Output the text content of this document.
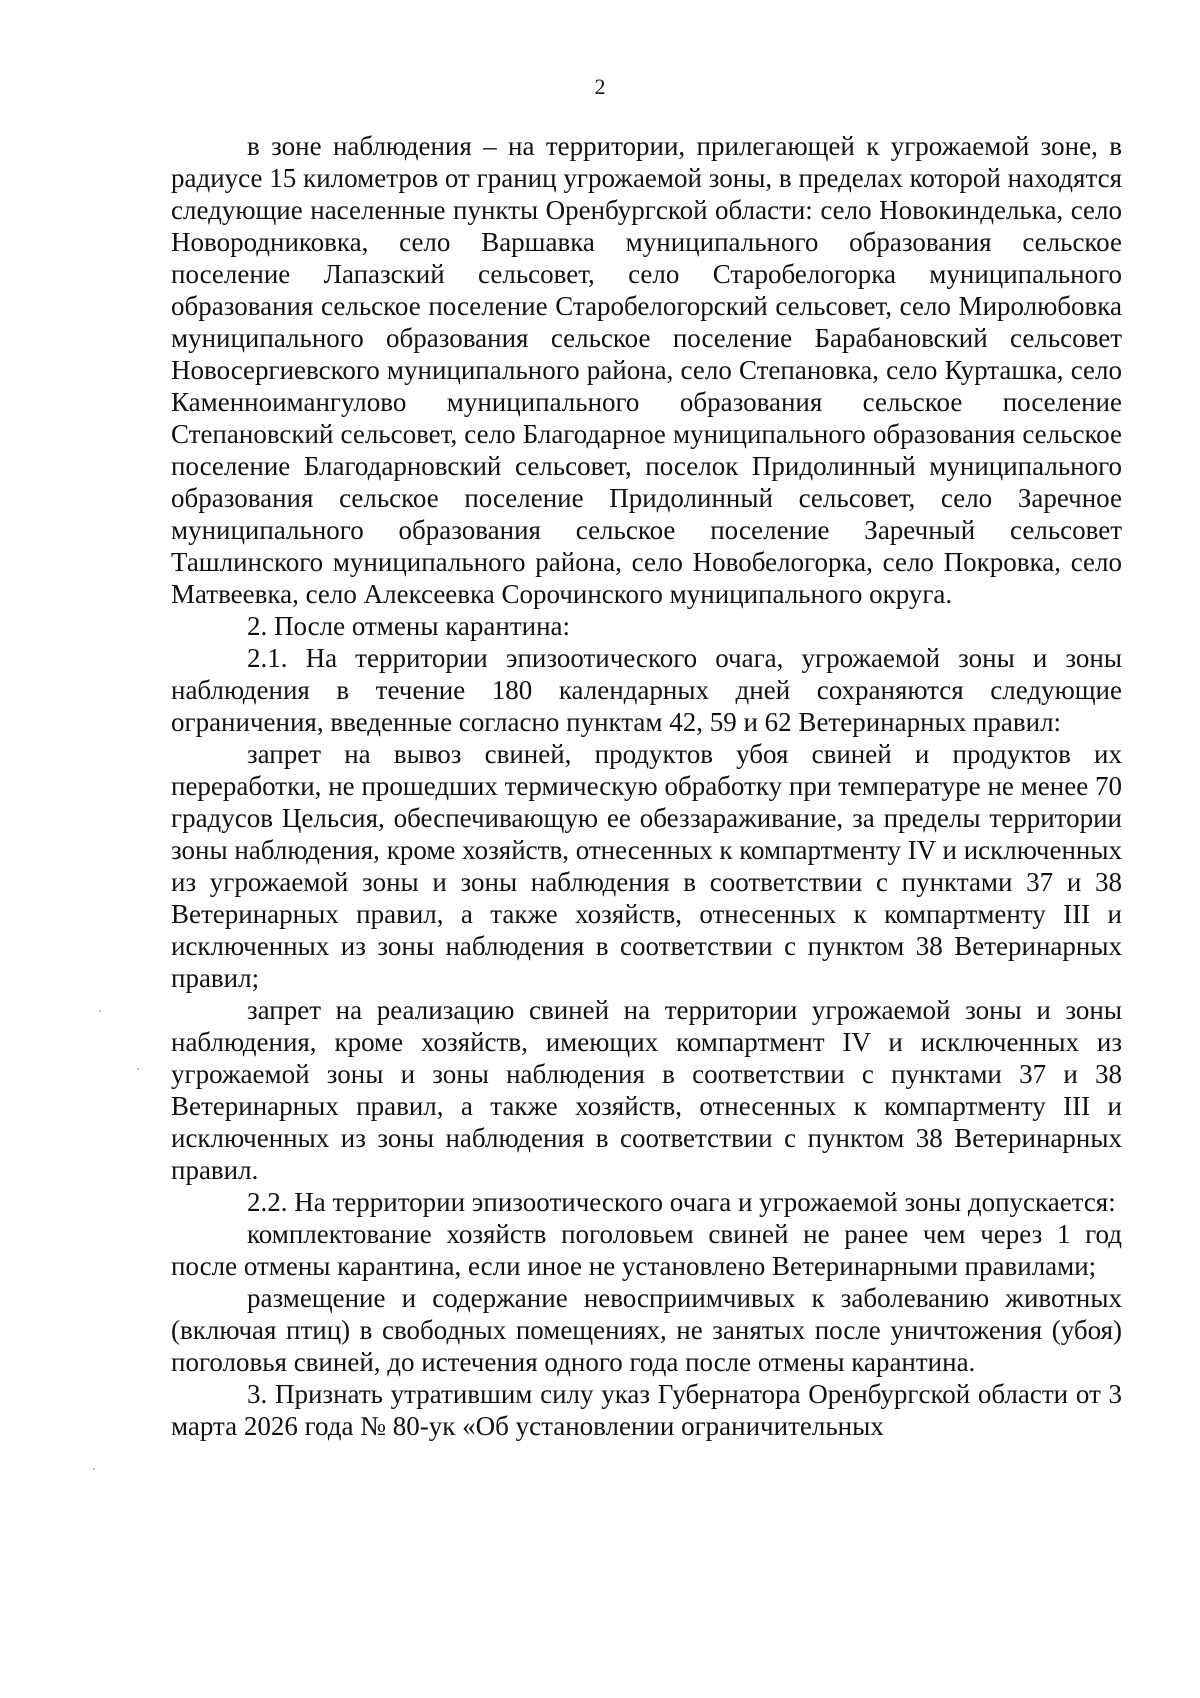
2

в зоне наблюдения – на территории, прилегающей к угрожаемой зоне, в радиусе 15 километров от границ угрожаемой зоны, в пределах которой находятся следующие населенные пункты Оренбургской области: село Новокинделька, село Новородниковка, село Варшавка муниципального образования сельское поселение Лапазский сельсовет, село Старобелогорка муниципального образования сельское поселение Старобелогорский сельсовет, село Миролюбовка муниципального образования сельское поселение Барабановский сельсовет Новосергиевского муниципального района, село Степановка, село Курташка, село Каменноимангулово муниципального образования сельское поселение Степановский сельсовет, село Благодарное муниципального образования сельское поселение Благодарновский сельсовет, поселок Придолинный муниципального образования сельское поселение Придолинный сельсовет, село Заречное муниципального образования сельское поселение Заречный сельсовет Ташлинского муниципального района, село Новобелогорка, село Покровка, село Матвеевка, село Алексеевка Сорочинского муниципального округа.

2. После отмены карантина:

2.1. На территории эпизоотического очага, угрожаемой зоны и зоны наблюдения в течение 180 календарных дней сохраняются следующие ограничения, введенные согласно пунктам 42, 59 и 62 Ветеринарных правил:

запрет на вывоз свиней, продуктов убоя свиней и продуктов их переработки, не прошедших термическую обработку при температуре не менее 70 градусов Цельсия, обеспечивающую ее обеззараживание, за пределы территории зоны наблюдения, кроме хозяйств, отнесенных к компартменту IV и исключенных из угрожаемой зоны и зоны наблюдения в соответствии с пунктами 37 и 38 Ветеринарных правил, а также хозяйств, отнесенных к компартменту III и исключенных из зоны наблюдения в соответствии с пунктом 38 Ветеринарных правил;

запрет на реализацию свиней на территории угрожаемой зоны и зоны наблюдения, кроме хозяйств, имеющих компартмент IV и исключенных из угрожаемой зоны и зоны наблюдения в соответствии с пунктами 37 и 38 Ветеринарных правил, а также хозяйств, отнесенных к компартменту III и исключенных из зоны наблюдения в соответствии с пунктом 38 Ветеринарных правил.

2.2. На территории эпизоотического очага и угрожаемой зоны допускается:

комплектование хозяйств поголовьем свиней не ранее чем через 1 год после отмены карантина, если иное не установлено Ветеринарными правилами;

размещение и содержание невосприимчивых к заболеванию животных (включая птиц) в свободных помещениях, не занятых после уничтожения (убоя) поголовья свиней, до истечения одного года после отмены карантина.

3. Признать утратившим силу указ Губернатора Оренбургской области от 3 марта 2026 года № 80-ук «Об установлении ограничительных
